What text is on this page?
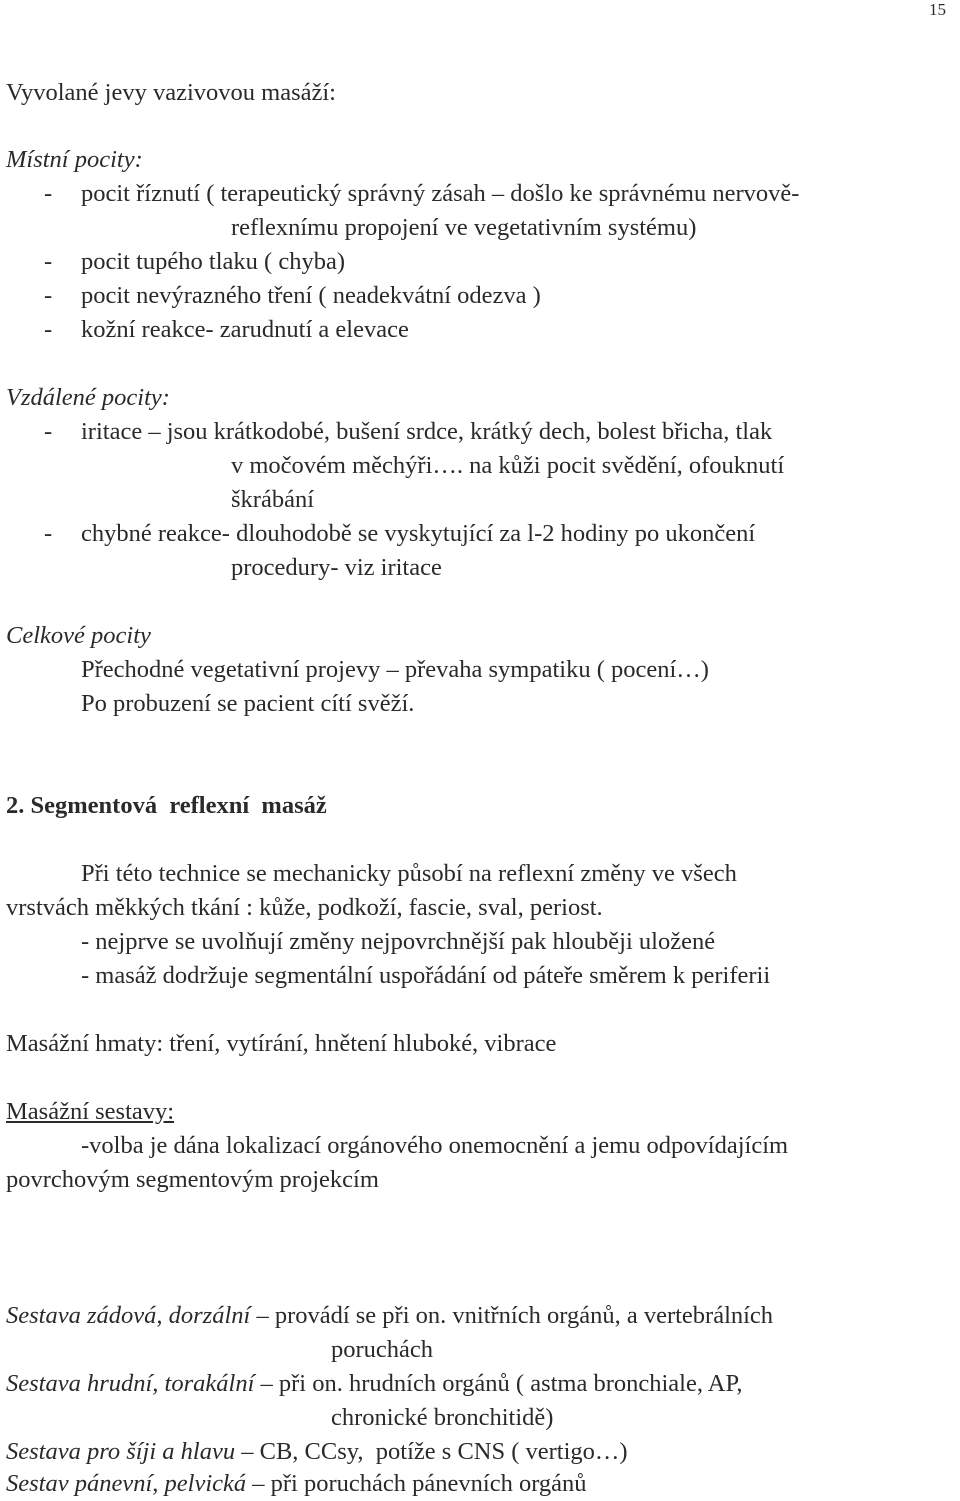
15
Vyvolané jevy vazivovou masáží:
Místní pocity:
- pocit říznutí ( terapeutický správný zásah – došlo ke správnému nervově-
reflexnímu propojení ve vegetativním systému)
- pocit tupého tlaku ( chyba)
- pocit nevýrazného tření ( neadekvátní odezva )
- kožní reakce- zarudnutí a elevace
Vzdálené pocity:
- iritace – jsou krátkodobé, bušení srdce, krátký dech, bolest břicha, tlak
v močovém měchýři…. na kůži pocit svědění, ofouknutí
škrábání
- chybné reakce- dlouhodobě se vyskytující za l-2 hodiny po ukončení
procedury- viz iritace
Celkové pocity
Přechodné vegetativní projevy – převaha sympatiku ( pocení…)
Po probuzení se pacient cítí svěží.
2. Segmentová reflexní masáž
Při této technice se mechanicky působí na reflexní změny ve všech
vrstvách měkkých tkání : kůže, podkoží, fascie, sval, periost.
- nejprve se uvolňují změny nejpovrchnější pak hlouběji uložené
- masáž dodržuje segmentální uspořádání od páteře směrem k periferii
Masážní hmaty: tření, vytírání, hnětení hluboké, vibrace
Masážní sestavy:
-volba je dána lokalizací orgánového onemocnění a jemu odpovídajícím
povrchovým segmentovým projekcím
Sestava zádová, dorzální – provádí se při on. vnitřních orgánů, a vertebrálních
poruchách
Sestava hrudní, torakální – při on. hrudních orgánů ( astma bronchiale, AP,
chronické bronchitidě)
Sestava pro šíji a hlavu – CB, CCsy,  potíže s CNS ( vertigo…)
Sestav pánevní, pelvická – při poruchách pánevních orgánů
